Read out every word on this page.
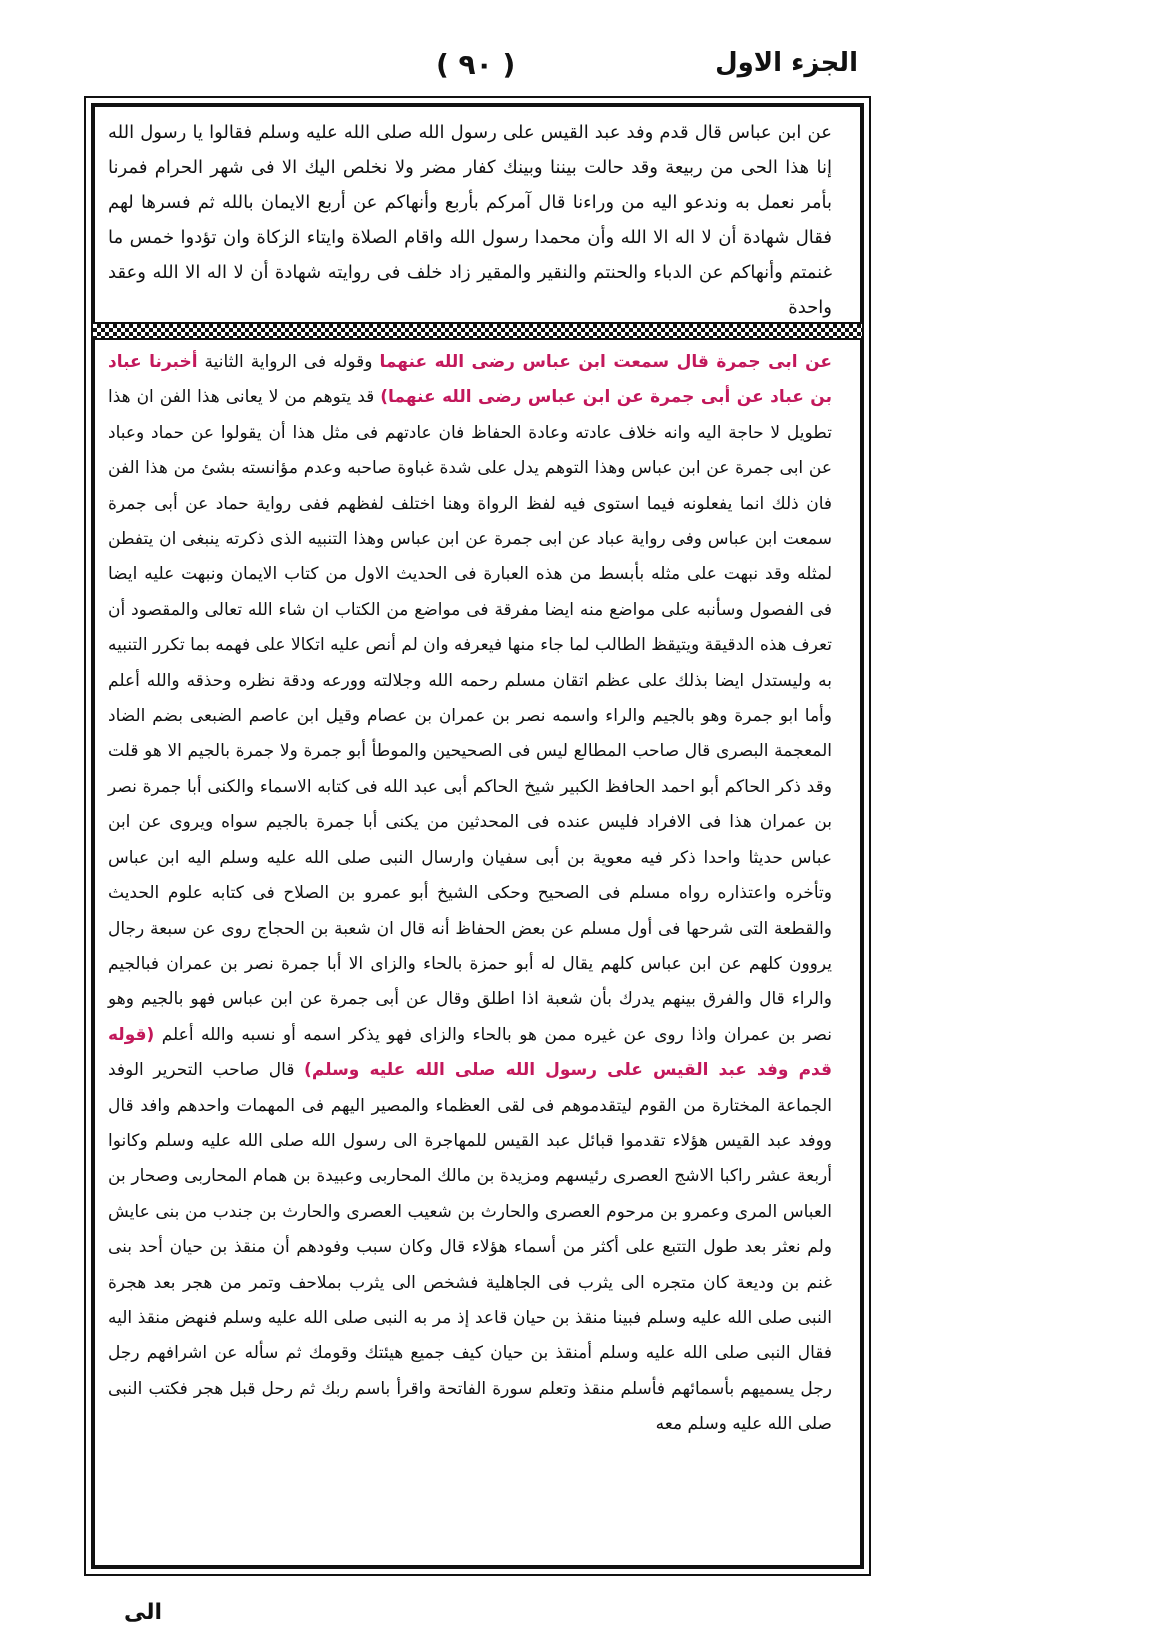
الجزء الاول
( ٩٠ )
عن ابن عباس قال قدم وفد عبد القيس على رسول الله صلى الله عليه وسلم فقالوا يا رسول الله إنا هذا الحى من ربيعة وقد حالت بيننا وبينك كفار مضر ولا نخلص اليك الا فى شهر الحرام فمرنا بأمر نعمل به وندعو اليه من وراءنا قال آمركم بأربع وأنهاكم عن أربع الايمان بالله ثم فسرها لهم فقال شهادة أن لا اله الا الله وأن محمدا رسول الله واقام الصلاة وايتاء الزكاة وان تؤدوا خمس ما غنمتم وأنهاكم عن الدباء والحنتم والنقير والمقير زاد خلف فى روايته شهادة أن لا اله الا الله وعقد واحدة
عن ابى جمرة قال سمعت ابن عباس رضى الله عنهما وقوله فى الرواية الثانية أخبرنا عباد بن عباد عن أبى جمرة عن ابن عباس رضى الله عنهما) قد يتوهم من لا يعانى هذا الفن ان هذا تطويل لا حاجة اليه وانه خلاف عادته وعادة الحفاظ فان عادتهم فى مثل هذا أن يقولوا عن حماد وعباد عن ابى جمرة عن ابن عباس وهذا التوهم يدل على شدة غباوة صاحبه وعدم مؤانسته بشئ من هذا الفن فان ذلك انما يفعلونه فيما استوى فيه لفظ الرواة وهنا اختلف لفظهم ففى رواية حماد عن أبى جمرة سمعت ابن عباس وفى رواية عباد عن ابى جمرة عن ابن عباس وهذا التنبيه الذى ذكرته ينبغى ان يتفطن لمثله وقد نبهت على مثله بأبسط من هذه العبارة فى الحديث الاول من كتاب الايمان ونبهت عليه ايضا فى الفصول وسأنبه على مواضع منه ايضا مفرقة فى مواضع من الكتاب ان شاء الله تعالى والمقصود أن تعرف هذه الدقيقة ويتيقظ الطالب لما جاء منها فيعرفه وان لم أنص عليه اتكالا على فهمه بما تكرر التنبيه به وليستدل ايضا بذلك على عظم اتقان مسلم رحمه الله وجلالته وورعه ودقة نظره وحذقه والله أعلم وأما ابو جمرة وهو بالجيم والراء واسمه نصر بن عمران بن عصام وقيل ابن عاصم الضبعى بضم الضاد المعجمة البصرى قال صاحب المطالع ليس فى الصحيحين والموطأ أبو جمرة ولا جمرة بالجيم الا هو قلت وقد ذكر الحاكم أبو احمد الحافظ الكبير شيخ الحاكم أبى عبد الله فى كتابه الاسماء والكنى أبا جمرة نصر بن عمران هذا فى الافراد فليس عنده فى المحدثين من يكنى أبا جمرة بالجيم سواه ويروى عن ابن عباس حديثا واحدا ذكر فيه معوية بن أبى سفيان وارسال النبى صلى الله عليه وسلم اليه ابن عباس وتأخره واعتذاره رواه مسلم فى الصحيح وحكى الشيخ أبو عمرو بن الصلاح فى كتابه علوم الحديث والقطعة التى شرحها فى أول مسلم عن بعض الحفاظ أنه قال ان شعبة بن الحجاج روى عن سبعة رجال يروون كلهم عن ابن عباس كلهم يقال له أبو حمزة بالحاء والزاى الا أبا جمرة نصر بن عمران فبالجيم والراء قال والفرق بينهم يدرك بأن شعبة اذا اطلق وقال عن أبى جمرة عن ابن عباس فهو بالجيم وهو نصر بن عمران واذا روى عن غيره ممن هو بالحاء والزاى فهو يذكر اسمه أو نسبه والله أعلم (قوله قدم وفد عبد القيس على رسول الله صلى الله عليه وسلم) قال صاحب التحرير الوفد الجماعة المختارة من القوم ليتقدموهم فى لقى العظماء والمصير اليهم فى المهمات واحدهم وافد قال ووفد عبد القيس هؤلاء تقدموا قبائل عبد القيس للمهاجرة الى رسول الله صلى الله عليه وسلم وكانوا أربعة عشر راكبا الاشج العصرى رئيسهم ومزيدة بن مالك المحاربى وعبيدة بن همام المحاربى وصحار بن العباس المرى وعمرو بن مرحوم العصرى والحارث بن شعيب العصرى والحارث بن جندب من بنى عايش ولم نعثر بعد طول التتبع على أكثر من أسماء هؤلاء قال وكان سبب وفودهم أن منقذ بن حيان أحد بنى غنم بن وديعة كان متجره الى يثرب فى الجاهلية فشخص الى يثرب بملاحف وتمر من هجر بعد هجرة النبى صلى الله عليه وسلم فبينا منقذ بن حيان قاعد إذ مر به النبى صلى الله عليه وسلم فنهض منقذ اليه فقال النبى صلى الله عليه وسلم أمنقذ بن حيان كيف جميع هيئتك وقومك ثم سأله عن اشرافهم رجل رجل يسميهم بأسمائهم فأسلم منقذ وتعلم سورة الفاتحة واقرأ باسم ربك ثم رحل قبل هجر فكتب النبى صلى الله عليه وسلم معه
الى
